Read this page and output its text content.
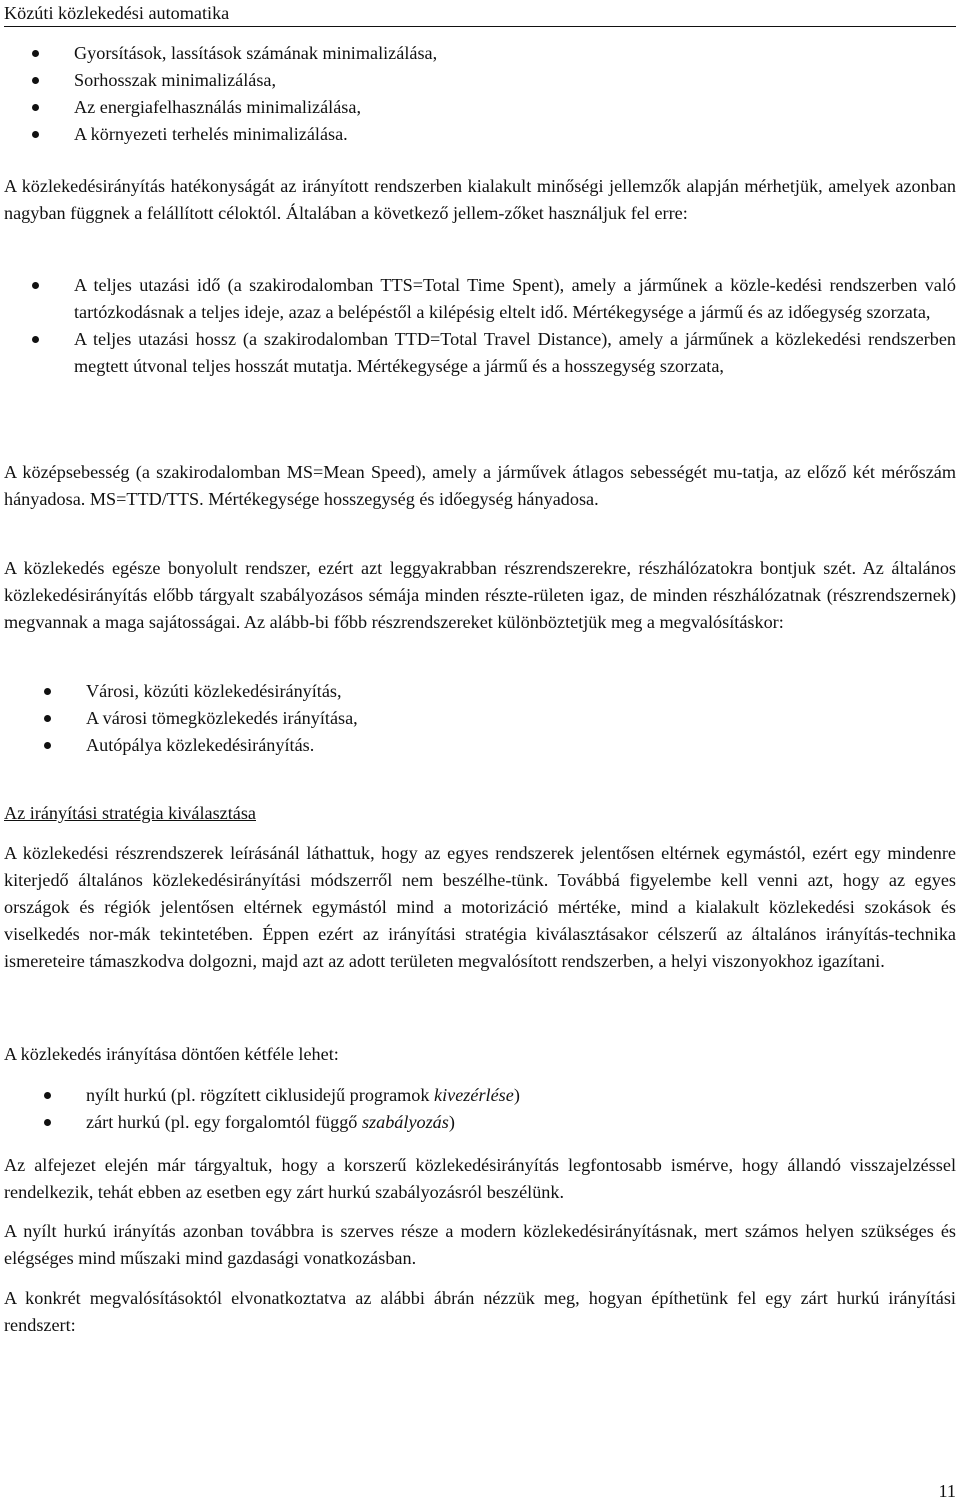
Közúti közlekedési automatika
Gyorsítások, lassítások számának minimalizálása,
Sorhosszak minimalizálása,
Az energiafelhasználás minimalizálása,
A környezeti terhelés minimalizálása.

A közlekedésirányítás hatékonyságát az irányított rendszerben kialakult minőségi jellemzők alapján mérhetjük, amelyek azonban nagyban függnek a felállított céloktól. Általában a következő jellem-zőket használjuk fel erre:

A teljes utazási idő (a szakirodalomban TTS=Total Time Spent), amely a járműnek a közle-kedési rendszerben való tartózkodásnak a teljes ideje, azaz a belépéstől a kilépésig eltelt idő. Mértékegysége a jármű és az időegység szorzata,
A teljes utazási hossz (a szakirodalomban TTD=Total Travel Distance), amely a járműnek a közlekedési rendszerben megtett útvonal teljes hosszát mutatja. Mértékegysége a jármű és a hosszegység szorzata,

A középsebesség (a szakirodalomban MS=Mean Speed), amely a járművek átlagos sebességét mu-tatja, az előző két mérőszám hányadosa. MS=TTD/TTS. Mértékegysége hosszegység és időegység hányadosa.

A közlekedés egésze bonyolult rendszer, ezért azt leggyakrabban részrendszerekre, részhálózatokra bontjuk szét. Az általános közlekedésirányítás előbb tárgyalt szabályozásos sémája minden részte-rületen igaz, de minden részhálózatnak (részrendszernek) megvannak a maga sajátosságai. Az alább-bi főbb részrendszereket különböztetjük meg a megvalósításkor:

Városi, közúti közlekedésirányítás,
A városi tömegközlekedés irányítása,
Autópálya közlekedésirányítás.
Az irányítási stratégia kiválasztása

A közlekedési részrendszerek leírásánál láthattuk, hogy az egyes rendszerek jelentősen eltérnek egymástól, ezért egy mindenre kiterjedő általános közlekedésirányítási módszerről nem beszélhe-tünk. Továbbá figyelembe kell venni azt, hogy az egyes országok és régiók jelentősen eltérnek egymástól mind a motorizáció mértéke, mind a kialakult közlekedési szokások és viselkedés nor-mák tekintetében. Éppen ezért az irányítási stratégia kiválasztásakor célszerű az általános irányítás-technika ismereteire támaszkodva dolgozni, majd azt az adott területen megvalósított rendszerben, a helyi viszonyokhoz igazítani.

A közlekedés irányítása döntően kétféle lehet:

nyílt hurkú (pl. rögzített ciklusidejű programok kivezérlése)
zárt hurkú (pl. egy forgalomtól függő szabályozás)

Az alfejezet elején már tárgyaltuk, hogy a korszerű közlekedésirányítás legfontosabb ismérve, hogy állandó visszajelzéssel rendelkezik, tehát ebben az esetben egy zárt hurkú szabályozásról beszélünk.

A nyílt hurkú irányítás azonban továbbra is szerves része a modern közlekedésirányításnak, mert számos helyen szükséges és elégséges mind műszaki mind gazdasági vonatkozásban.

A konkrét megvalósításoktól elvonatkoztatva az alábbi ábrán nézzük meg, hogyan építhetünk fel egy zárt hurkú irányítási rendszert:

11
